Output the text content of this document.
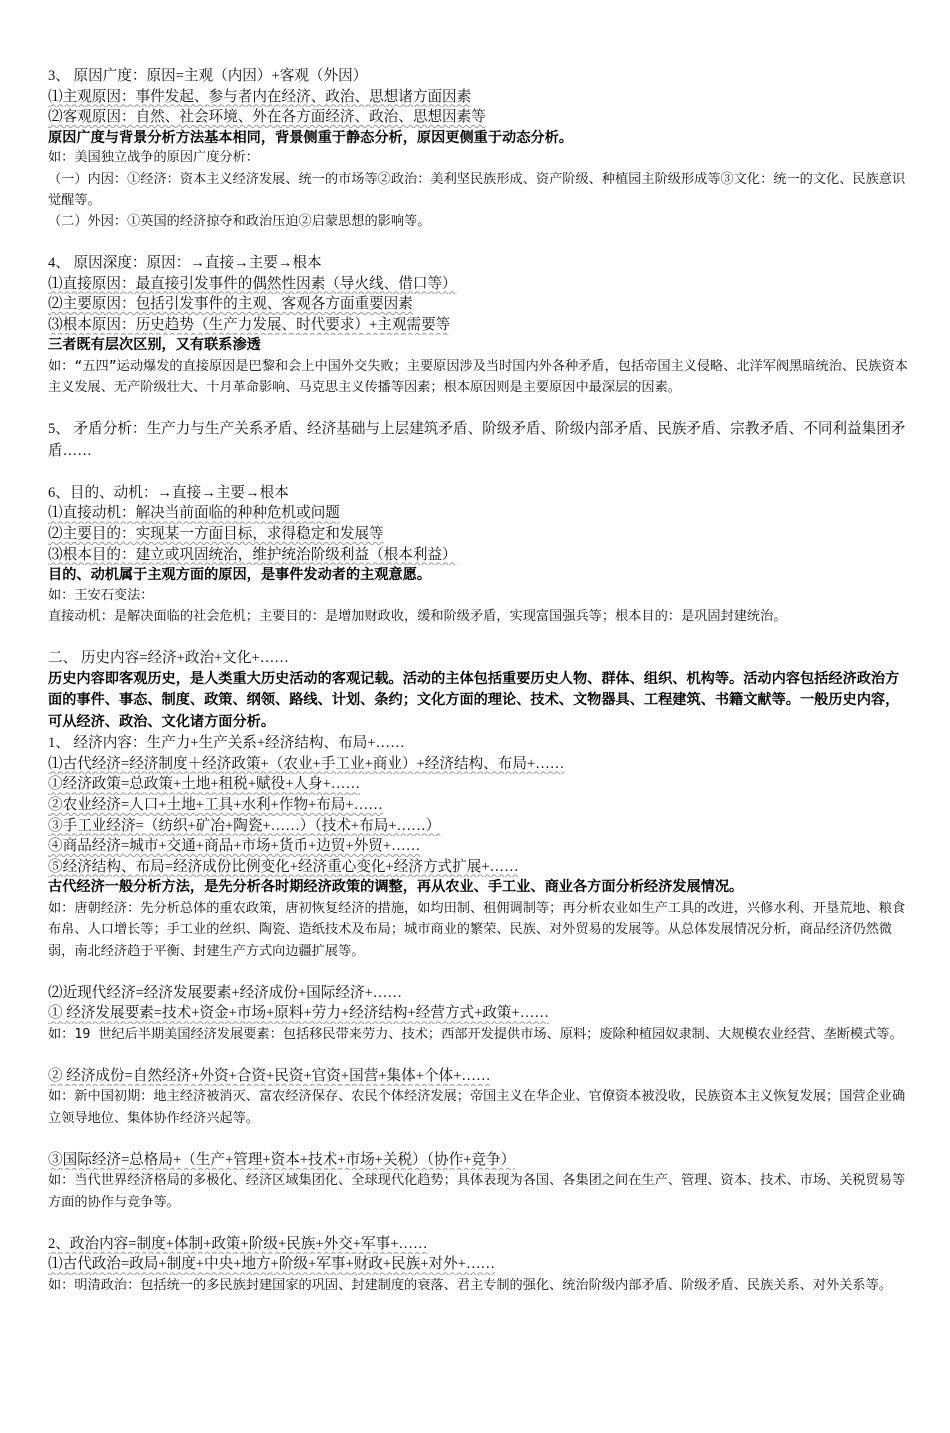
3、 原因广度：原因=主观（内因）+客观（外因）
⑴主观原因：事件发起、参与者内在经济、政治、思想诸方面因素
⑵客观原因：自然、社会环境、外在各方面经济、政治、思想因素等
原因广度与背景分析方法基本相同，背景侧重于静态分析，原因更侧重于动态分析。
如：美国独立战争的原因广度分析：
（一）内因：①经济：资本主义经济发展、统一的市场等②政治：美利坚民族形成、资产阶级、种植园主阶级形成等③文化：统一的文化、民族意识觉醒等。
（二）外因：①英国的经济掠夺和政治压迫②启蒙思想的影响等。
4、 原因深度：原因：→直接→主要→根本
⑴直接原因：最直接引发事件的偶然性因素（导火线、借口等）
⑵主要原因：包括引发事件的主观、客观各方面重要因素
⑶根本原因：历史趋势（生产力发展、时代要求）+主观需要等
三者既有层次区别，又有联系渗透
如：“五四”运动爆发的直接原因是巴黎和会上中国外交失败；主要原因涉及当时国内外各种矛盾，包括帝国主义侵略、北洋军阀黑暗统治、民族资本主义发展、无产阶级壮大、十月革命影响、马克思主义传播等因素；根本原因则是主要原因中最深层的因素。
5、 矛盾分析：生产力与生产关系矛盾、经济基础与上层建筑矛盾、阶级矛盾、阶级内部矛盾、民族矛盾、宗教矛盾、不同利益集团矛盾……
6、目的、动机：→直接→主要→根本
⑴直接动机：解决当前面临的种种危机或问题
⑵主要目的：实现某一方面目标，求得稳定和发展等
⑶根本目的：建立或巩固统治，维护统治阶级利益（根本利益）
目的、动机属于主观方面的原因，是事件发动者的主观意愿。
如：王安石变法：
直接动机：是解决面临的社会危机；主要目的：是增加财政收，缓和阶级矛盾，实现富国强兵等；根本目的：是巩固封建统治。
二、 历史内容=经济+政治+文化+……
历史内容即客观历史，是人类重大历史活动的客观记载。活动的主体包括重要历史人物、群体、组织、机构等。活动内容包括经济政治方面的事件、事态、制度、政策、纲领、路线、计划、条约；文化方面的理论、技术、文物器具、工程建筑、书籍文献等。一般历史内容，可从经济、政治、文化诸方面分析。
1、 经济内容：生产力+生产关系+经济结构、布局+……
⑴古代经济=经济制度＋经济政策+（农业+手工业+商业）+经济结构、布局+……
①经济政策=总政策+土地+租税+赋役+人身+……
②农业经济=人口+土地+工具+水利+作物+布局+……
③手工业经济=（纺织+矿冶+陶瓷+……）（技术+布局+……）
④商品经济=城市+交通+商品+市场+货币+边贸+外贸+……
⑤经济结构、布局=经济成份比例变化+经济重心变化+经济方式扩展+……
古代经济一般分析方法，是先分析各时期经济政策的调整，再从农业、手工业、商业各方面分析经济发展情况。
如：唐朝经济：先分析总体的重农政策，唐初恢复经济的措施，如均田制、租佣调制等；再分析农业如生产工具的改进，兴修水利、开垦荒地、粮食布帛、人口增长等；手工业的丝织、陶瓷、造纸技术及布局；城市商业的繁荣、民族、对外贸易的发展等。从总体发展情况分析，商品经济仍然微弱，南北经济趋于平衡、封建生产方式向边疆扩展等。
⑵近现代经济=经济发展要素+经济成份+国际经济+……
① 经济发展要素=技术+资金+市场+原料+劳力+经济结构+经营方式+政策+……
如：19 世纪后半期美国经济发展要素：包括移民带来劳力、技术；西部开发提供市场、原料；废除种植园奴隶制、大规模农业经营、垄断模式等。
② 经济成份=自然经济+外资+合资+民资+官资+国营+集体+个体+……
如：新中国初期：地主经济被消灭、富农经济保存、农民个体经济发展；帝国主义在华企业、官僚资本被没收，民族资本主义恢复发展；国营企业确立领导地位、集体协作经济兴起等。
③国际经济=总格局+（生产+管理+资本+技术+市场+关税）（协作+竞争）
如：当代世界经济格局的多极化、经济区域集团化、全球现代化趋势；具体表现为各国、各集团之间在生产、管理、资本、技术、市场、关税贸易等方面的协作与竞争等。
2、政治内容=制度+体制+政策+阶级+民族+外交+军事+……
⑴古代政治=政局+制度+中央+地方+阶级+军事+财政+民族+对外+……
如：明清政治：包括统一的多民族封建国家的巩固、封建制度的衰落、君主专制的强化、统治阶级内部矛盾、阶级矛盾、民族关系、对外关系等。
